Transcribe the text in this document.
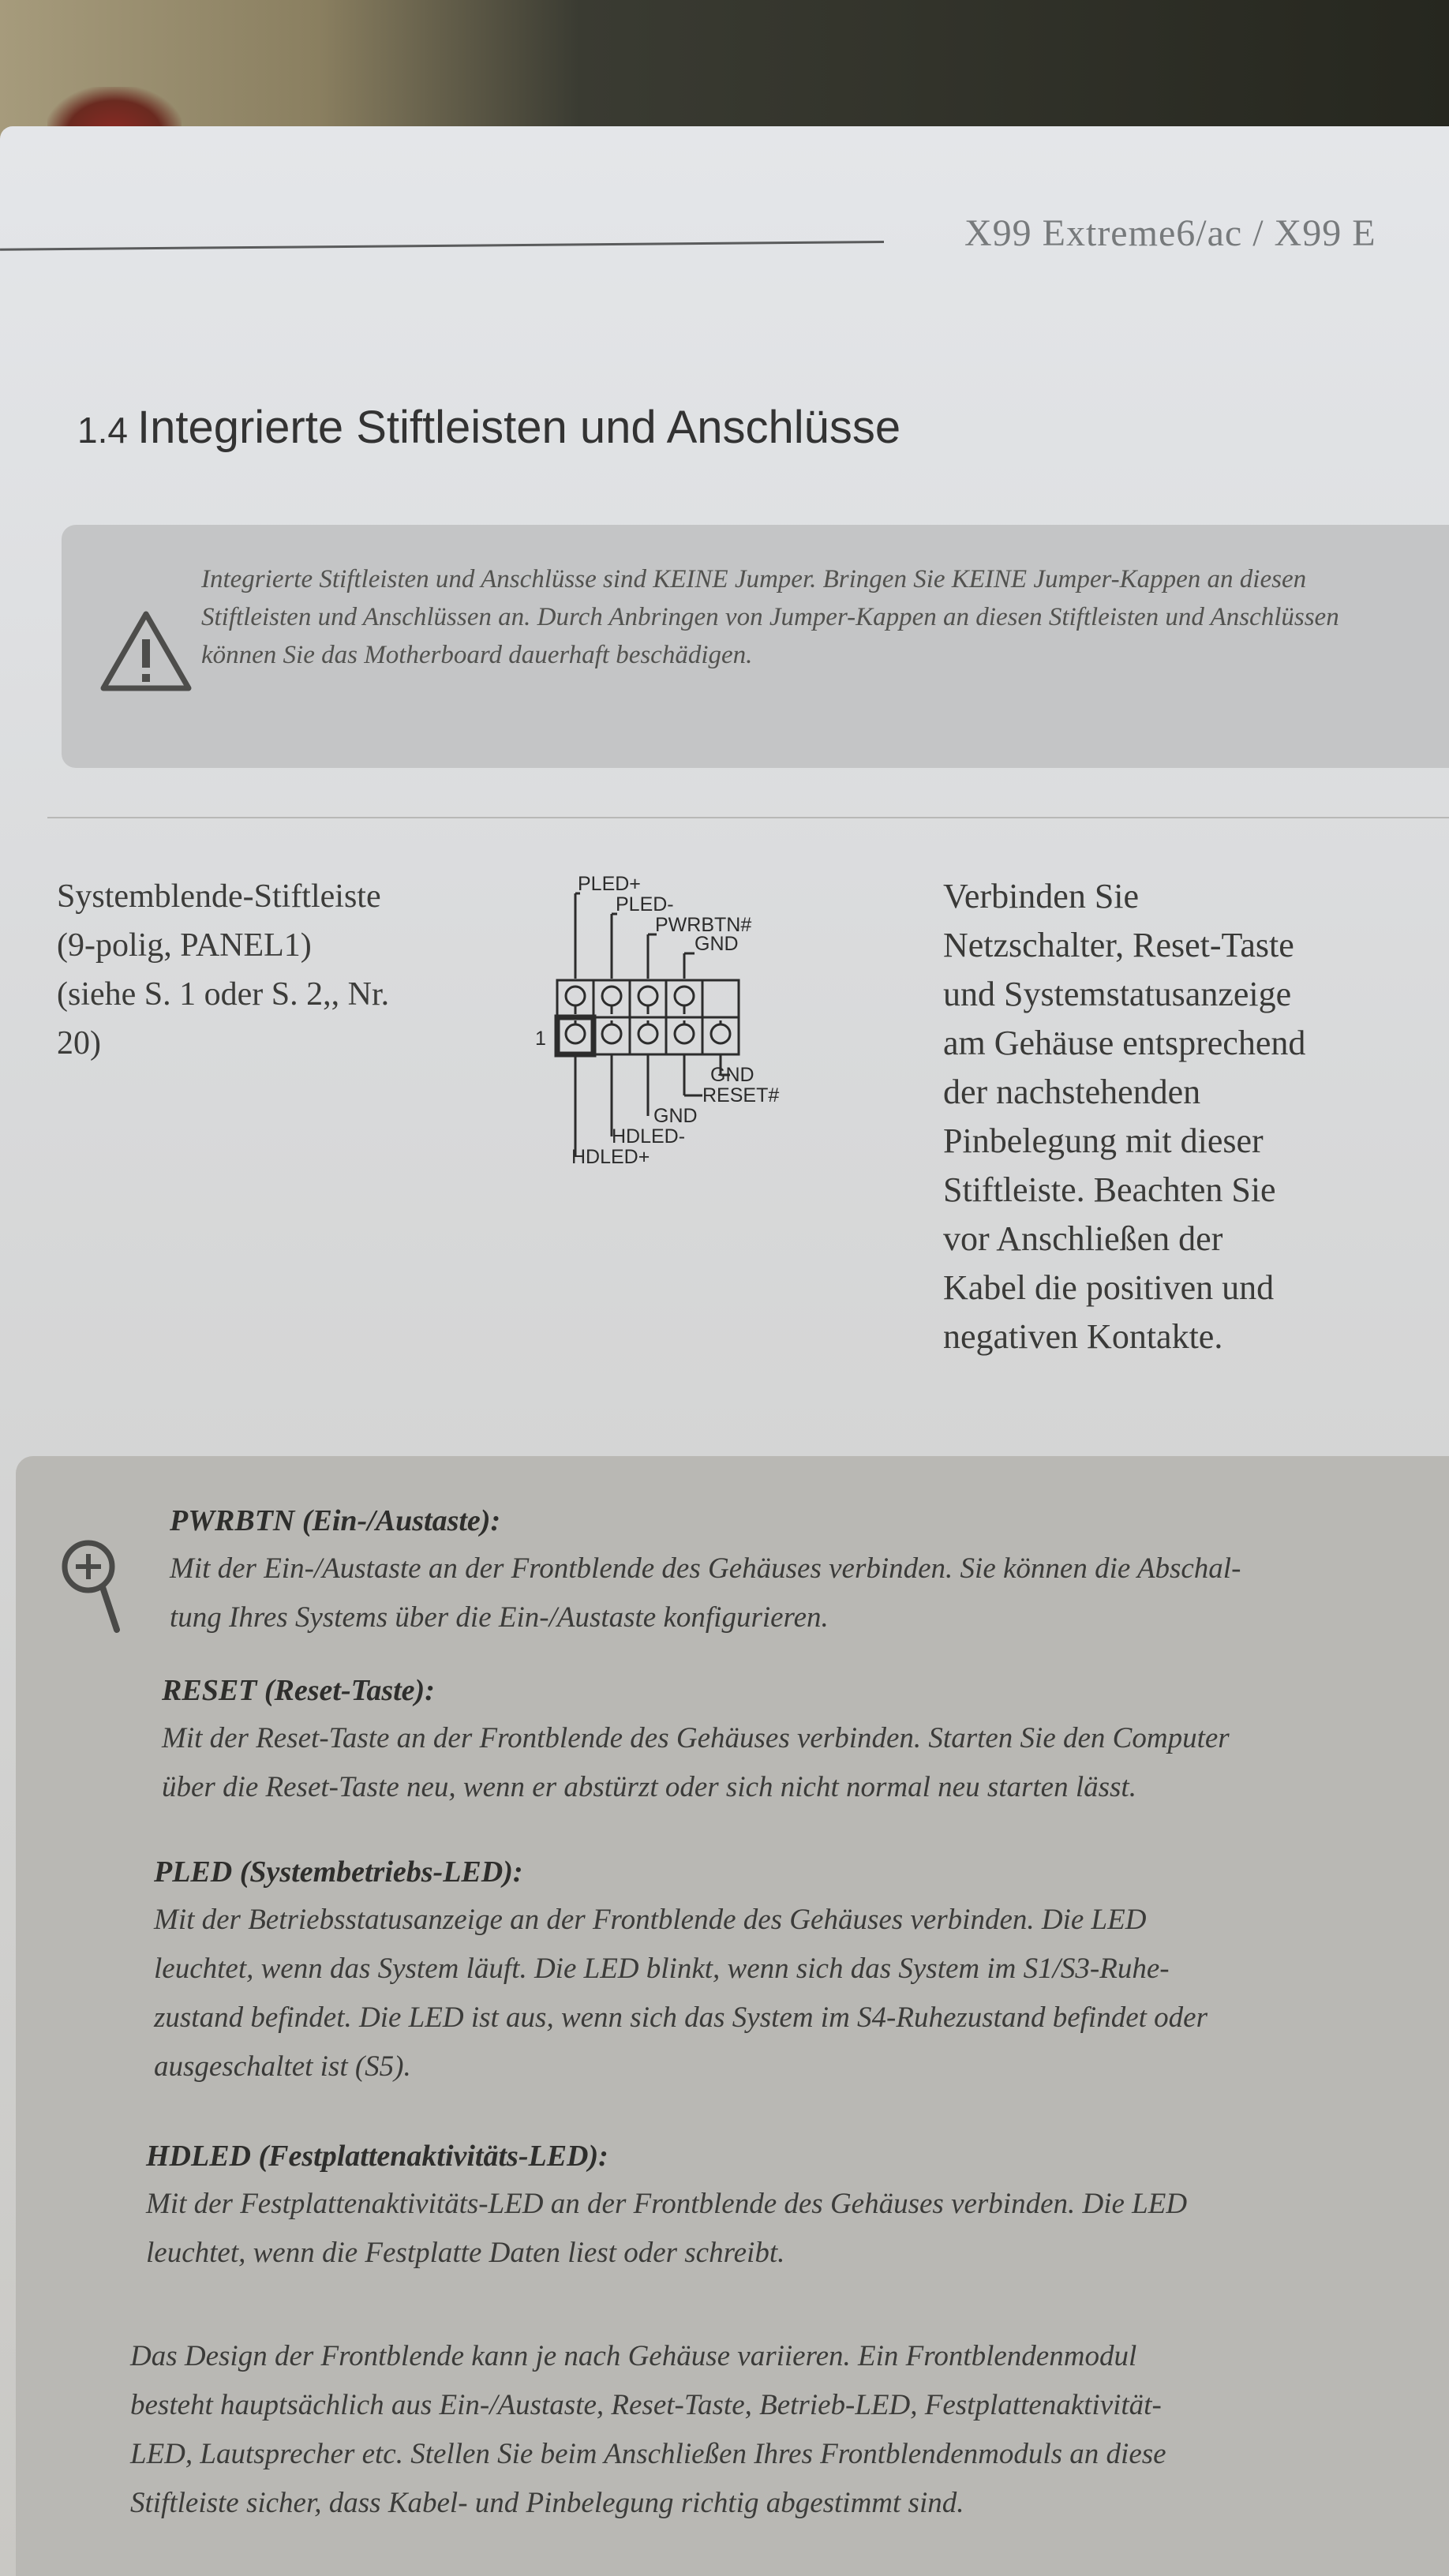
X99 Extreme6/ac / X99 E
1.4 Integrierte Stiftleisten und Anschlüsse

Integrierte Stiftleisten und Anschlüsse sind KEINE Jumper. Bringen Sie KEINE Jumper-Kappen an diesen Stiftleisten und Anschlüssen an. Durch Anbringen von Jumper-Kappen an diesen Stiftleisten und Anschlüssen können Sie das Motherboard dauerhaft beschädigen.

Systemblende-Stiftleiste
(9-polig, PANEL1)
(siehe S. 1 oder S. 2,, Nr.
20)
PLED+
PLED-
PWRBTN#
GND
1
GND
RESET#
GND
HDLED-
HDLED+
Verbinden Sie
Netzschalter, Reset-Taste
und Systemstatusanzeige
am Gehäuse entsprechend
der nachstehenden
Pinbelegung mit dieser
Stiftleiste. Beachten Sie
vor Anschließen der
Kabel die positiven und
negativen Kontakte.
PWRBTN (Ein-/Austaste):
Mit der Ein-/Austaste an der Frontblende des Gehäuses verbinden. Sie können die Abschal-
tung Ihres Systems über die Ein-/Austaste konfigurieren.
RESET (Reset-Taste):
Mit der Reset-Taste an der Frontblende des Gehäuses verbinden. Starten Sie den Computer
über die Reset-Taste neu, wenn er abstürzt oder sich nicht normal neu starten lässt.
PLED (Systembetriebs-LED):
Mit der Betriebsstatusanzeige an der Frontblende des Gehäuses verbinden. Die LED
leuchtet, wenn das System läuft. Die LED blinkt, wenn sich das System im S1/S3-Ruhe-
zustand befindet. Die LED ist aus, wenn sich das System im S4-Ruhezustand befindet oder
ausgeschaltet ist (S5).
HDLED (Festplattenaktivitäts-LED):
Mit der Festplattenaktivitäts-LED an der Frontblende des Gehäuses verbinden. Die LED
leuchtet, wenn die Festplatte Daten liest oder schreibt.
Das Design der Frontblende kann je nach Gehäuse variieren. Ein Frontblendenmodul
besteht hauptsächlich aus Ein-/Austaste, Reset-Taste, Betrieb-LED, Festplattenaktivität-
LED, Lautsprecher etc. Stellen Sie beim Anschließen Ihres Frontblendenmoduls an diese
Stiftleiste sicher, dass Kabel- und Pinbelegung richtig abgestimmt sind.
